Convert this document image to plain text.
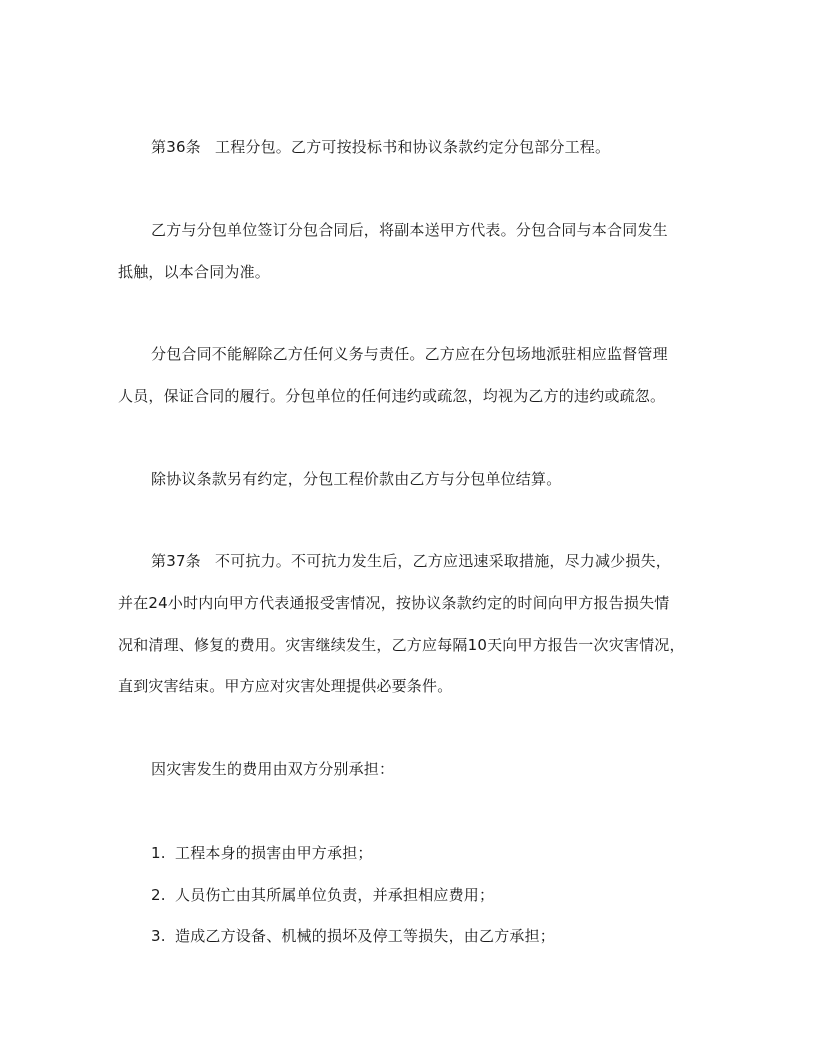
第36条 工程分包。乙方可按投标书和协议条款约定分包部分工程。
乙方与分包单位签订分包合同后，将副本送甲方代表。分包合同与本合同发生
抵触，以本合同为准。
分包合同不能解除乙方任何义务与责任。乙方应在分包场地派驻相应监督管理
人员，保证合同的履行。分包单位的任何违约或疏忽，均视为乙方的违约或疏忽。
除协议条款另有约定，分包工程价款由乙方与分包单位结算。
第37条 不可抗力。不可抗力发生后，乙方应迅速采取措施，尽力减少损失，
并在24小时内向甲方代表通报受害情况，按协议条款约定的时间向甲方报告损失情
况和清理、修复的费用。灾害继续发生，乙方应每隔10天向甲方报告一次灾害情况，
直到灾害结束。甲方应对灾害处理提供必要条件。
因灾害发生的费用由双方分别承担：
1. 工程本身的损害由甲方承担；
2. 人员伤亡由其所属单位负责，并承担相应费用；
3. 造成乙方设备、机械的损坏及停工等损失，由乙方承担；
